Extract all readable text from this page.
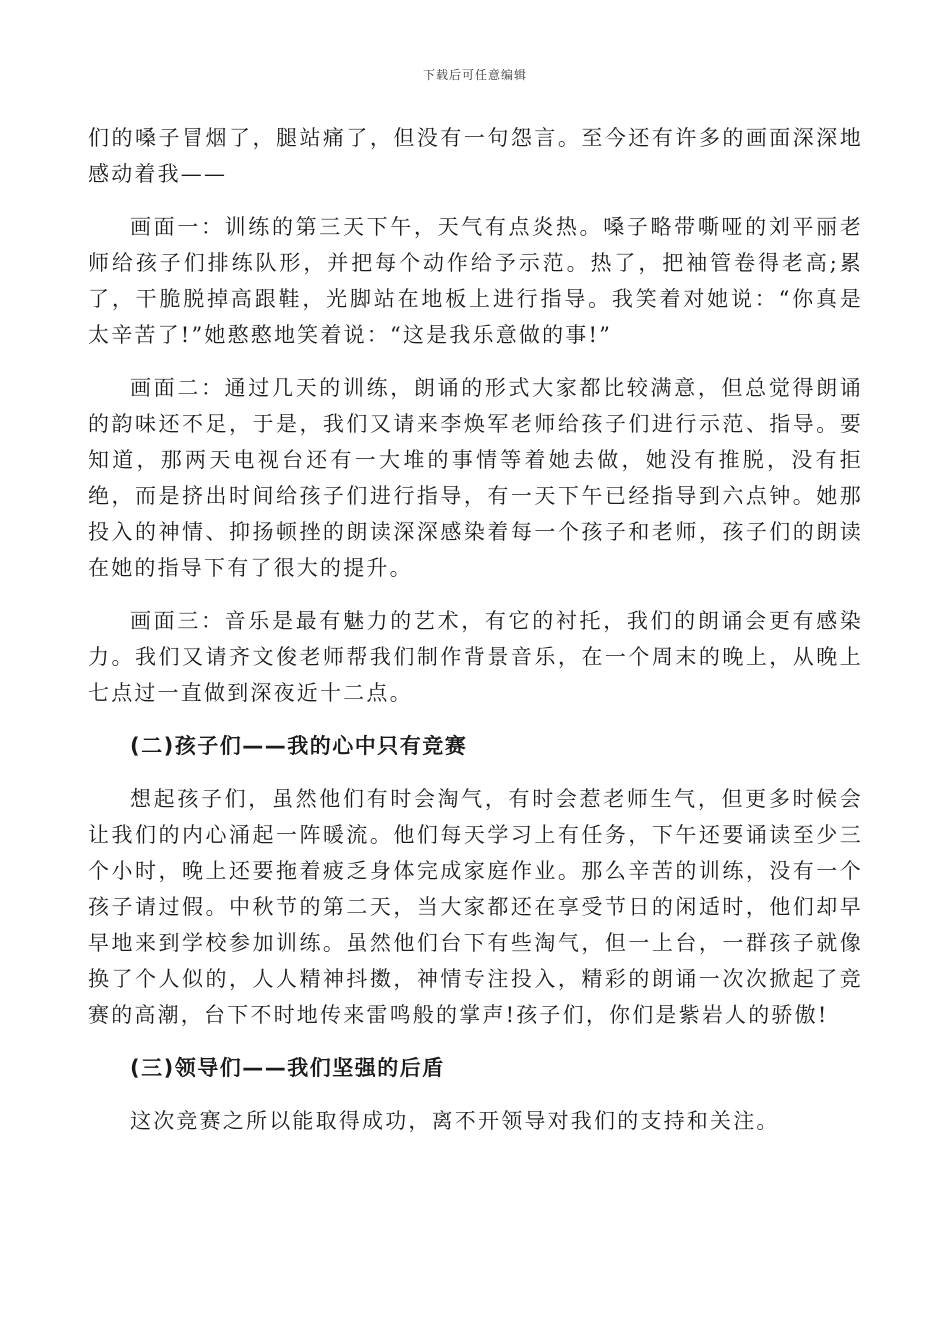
下载后可任意编辑

们的嗓子冒烟了，腿站痛了，但没有一句怨言。至今还有许多的画面深深地感动着我——

画面一：训练的第三天下午，天气有点炎热。嗓子略带嘶哑的刘平丽老师给孩子们排练队形，并把每个动作给予示范。热了，把袖管卷得老高;累了，干脆脱掉高跟鞋，光脚站在地板上进行指导。我笑着对她说：“你真是太辛苦了!”她憨憨地笑着说：“这是我乐意做的事!”

画面二：通过几天的训练，朗诵的形式大家都比较满意，但总觉得朗诵的韵味还不足，于是，我们又请来李焕军老师给孩子们进行示范、指导。要知道，那两天电视台还有一大堆的事情等着她去做，她没有推脱，没有拒绝，而是挤出时间给孩子们进行指导，有一天下午已经指导到六点钟。她那投入的神情、抑扬顿挫的朗读深深感染着每一个孩子和老师，孩子们的朗读在她的指导下有了很大的提升。

画面三：音乐是最有魅力的艺术，有它的衬托，我们的朗诵会更有感染力。我们又请齐文俊老师帮我们制作背景音乐，在一个周末的晚上，从晚上七点过一直做到深夜近十二点。

(二)孩子们——我的心中只有竞赛

想起孩子们，虽然他们有时会淘气，有时会惹老师生气，但更多时候会让我们的内心涌起一阵暖流。他们每天学习上有任务，下午还要诵读至少三个小时，晚上还要拖着疲乏身体完成家庭作业。那么辛苦的训练，没有一个孩子请过假。中秋节的第二天，当大家都还在享受节日的闲适时，他们却早早地来到学校参加训练。虽然他们台下有些淘气，但一上台，一群孩子就像换了个人似的，人人精神抖擞，神情专注投入，精彩的朗诵一次次掀起了竞赛的高潮，台下不时地传来雷鸣般的掌声!孩子们，你们是紫岩人的骄傲!

(三)领导们——我们坚强的后盾

这次竞赛之所以能取得成功，离不开领导对我们的支持和关注。
